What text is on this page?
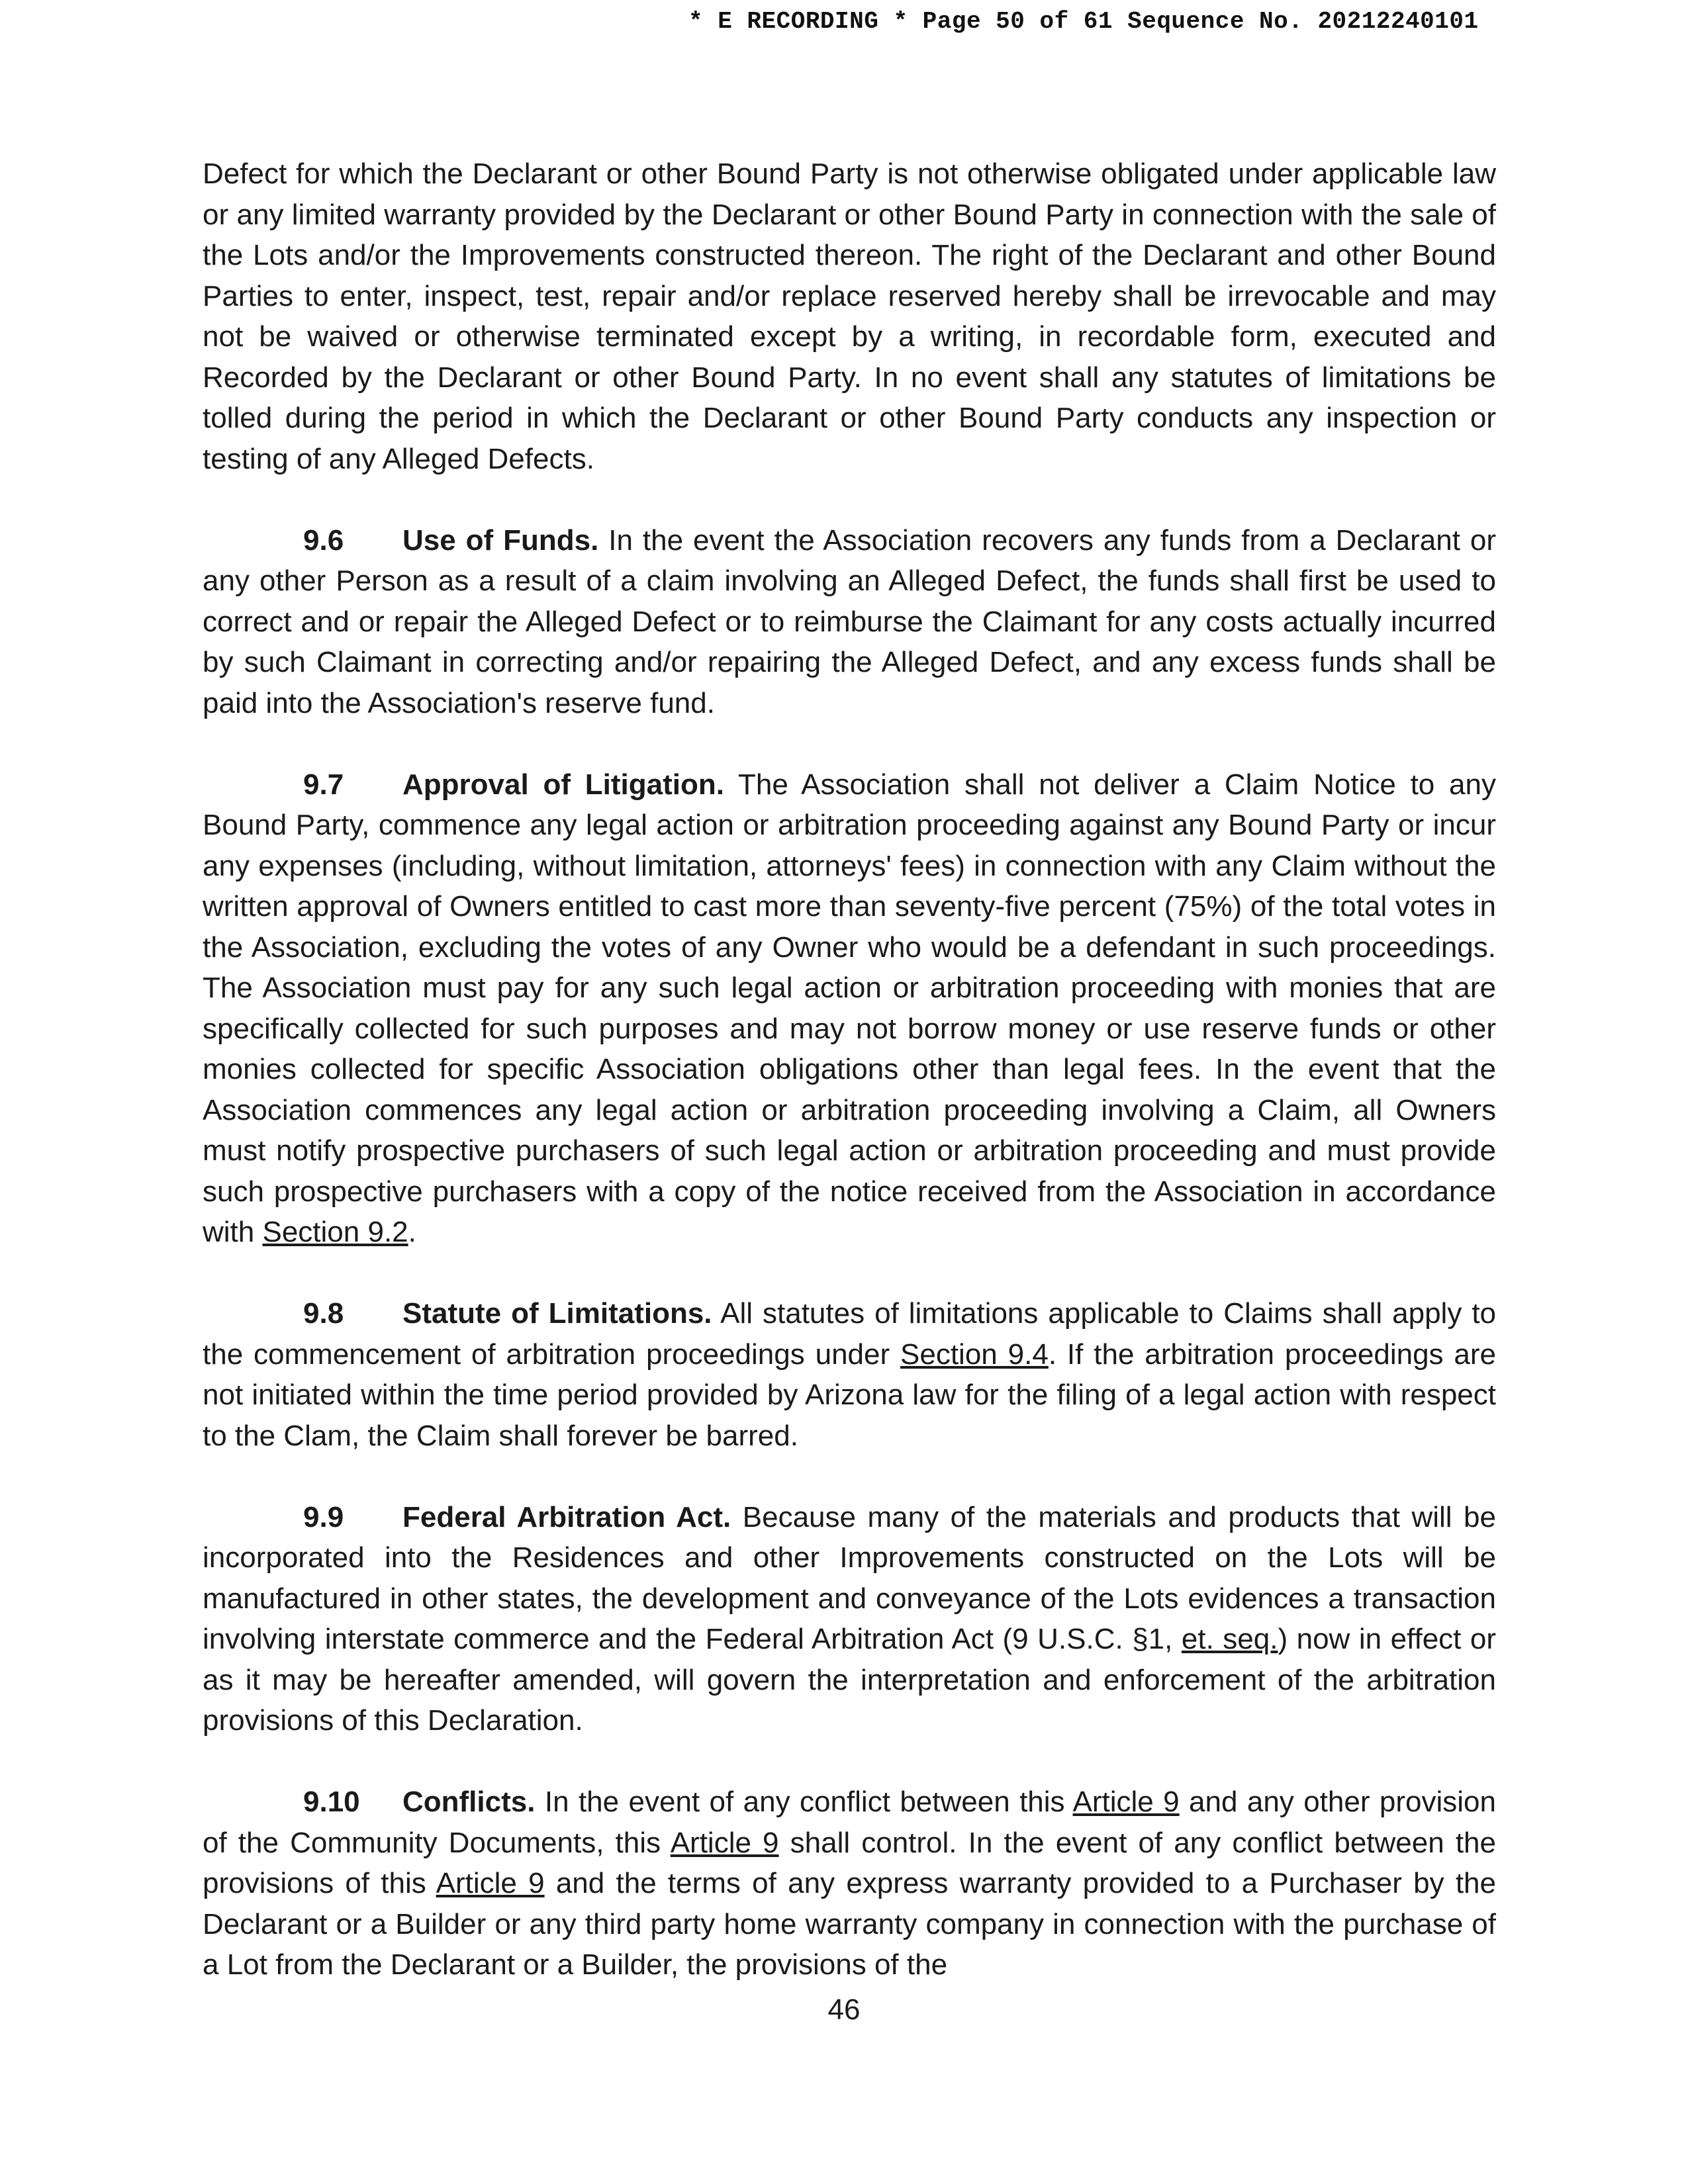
* E RECORDING * Page 50 of 61 Sequence No. 20212240101

Defect for which the Declarant or other Bound Party is not otherwise obligated under applicable law or any limited warranty provided by the Declarant or other Bound Party in connection with the sale of the Lots and/or the Improvements constructed thereon. The right of the Declarant and other Bound Parties to enter, inspect, test, repair and/or replace reserved hereby shall be irrevocable and may not be waived or otherwise terminated except by a writing, in recordable form, executed and Recorded by the Declarant or other Bound Party. In no event shall any statutes of limitations be tolled during the period in which the Declarant or other Bound Party conducts any inspection or testing of any Alleged Defects.

9.6 Use of Funds. In the event the Association recovers any funds from a Declarant or any other Person as a result of a claim involving an Alleged Defect, the funds shall first be used to correct and or repair the Alleged Defect or to reimburse the Claimant for any costs actually incurred by such Claimant in correcting and/or repairing the Alleged Defect, and any excess funds shall be paid into the Association's reserve fund.

9.7 Approval of Litigation. The Association shall not deliver a Claim Notice to any Bound Party, commence any legal action or arbitration proceeding against any Bound Party or incur any expenses (including, without limitation, attorneys' fees) in connection with any Claim without the written approval of Owners entitled to cast more than seventy-five percent (75%) of the total votes in the Association, excluding the votes of any Owner who would be a defendant in such proceedings. The Association must pay for any such legal action or arbitration proceeding with monies that are specifically collected for such purposes and may not borrow money or use reserve funds or other monies collected for specific Association obligations other than legal fees. In the event that the Association commences any legal action or arbitration proceeding involving a Claim, all Owners must notify prospective purchasers of such legal action or arbitration proceeding and must provide such prospective purchasers with a copy of the notice received from the Association in accordance with Section 9.2.

9.8 Statute of Limitations. All statutes of limitations applicable to Claims shall apply to the commencement of arbitration proceedings under Section 9.4. If the arbitration proceedings are not initiated within the time period provided by Arizona law for the filing of a legal action with respect to the Clam, the Claim shall forever be barred.

9.9 Federal Arbitration Act. Because many of the materials and products that will be incorporated into the Residences and other Improvements constructed on the Lots will be manufactured in other states, the development and conveyance of the Lots evidences a transaction involving interstate commerce and the Federal Arbitration Act (9 U.S.C. §1, et. seq.) now in effect or as it may be hereafter amended, will govern the interpretation and enforcement of the arbitration provisions of this Declaration.

9.10 Conflicts. In the event of any conflict between this Article 9 and any other provision of the Community Documents, this Article 9 shall control. In the event of any conflict between the provisions of this Article 9 and the terms of any express warranty provided to a Purchaser by the Declarant or a Builder or any third party home warranty company in connection with the purchase of a Lot from the Declarant or a Builder, the provisions of the

46
